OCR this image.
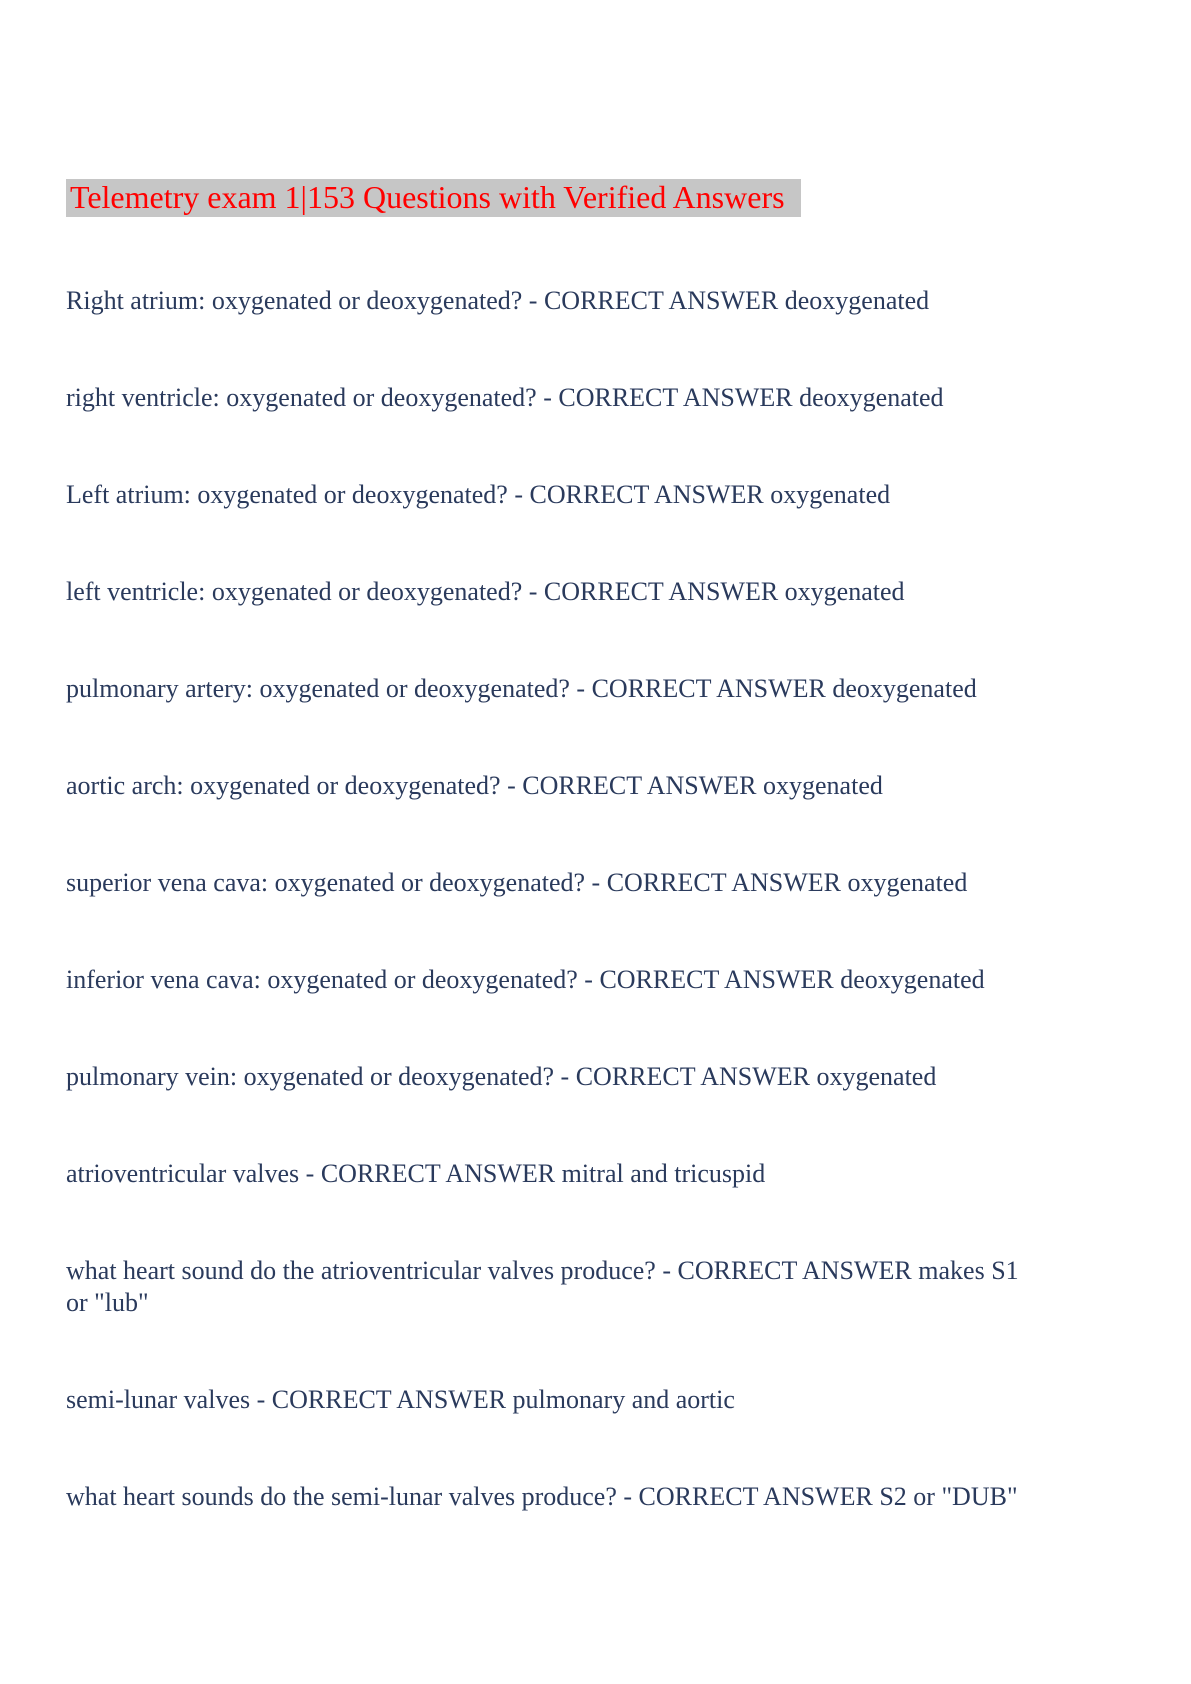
Telemetry exam 1|153 Questions with Verified Answers

Right atrium: oxygenated or deoxygenated? - CORRECT ANSWER deoxygenated

right ventricle: oxygenated or deoxygenated? - CORRECT ANSWER deoxygenated

Left atrium: oxygenated or deoxygenated? - CORRECT ANSWER oxygenated

left ventricle: oxygenated or deoxygenated? - CORRECT ANSWER oxygenated

pulmonary artery: oxygenated or deoxygenated? - CORRECT ANSWER deoxygenated

aortic arch: oxygenated or deoxygenated? - CORRECT ANSWER oxygenated

superior vena cava: oxygenated or deoxygenated? - CORRECT ANSWER oxygenated

inferior vena cava: oxygenated or deoxygenated? - CORRECT ANSWER deoxygenated

pulmonary vein: oxygenated or deoxygenated? - CORRECT ANSWER oxygenated

atrioventricular valves - CORRECT ANSWER mitral and tricuspid

what heart sound do the atrioventricular valves produce? - CORRECT ANSWER makes S1
or "lub"

semi-lunar valves - CORRECT ANSWER pulmonary and aortic

what heart sounds do the semi-lunar valves produce? - CORRECT ANSWER S2 or "DUB"
